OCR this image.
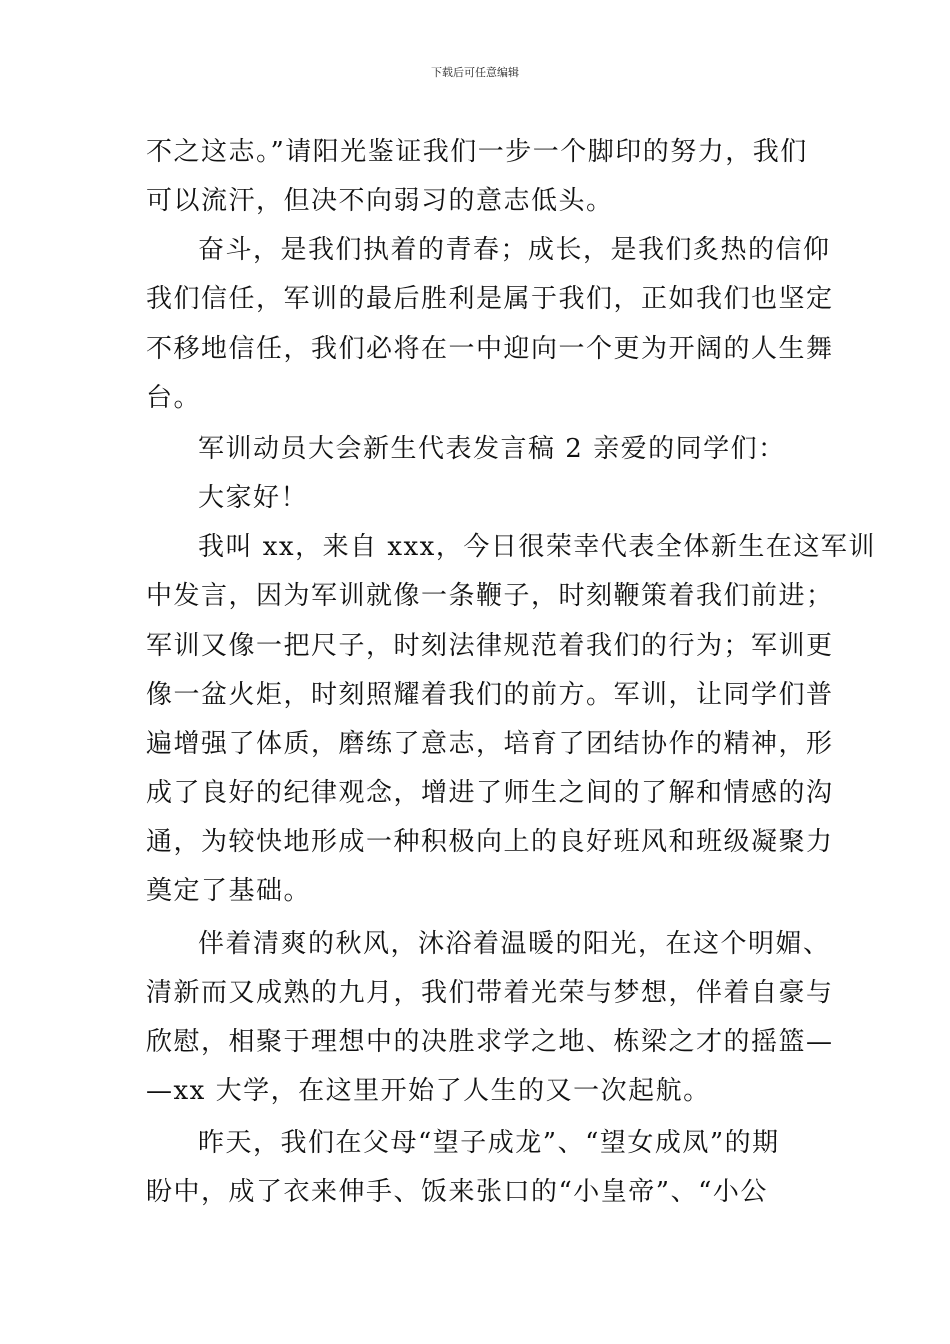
下载后可任意编辑
不之这志。”请阳光鉴证我们一步一个脚印的努力，我们
可以流汗，但决不向弱习的意志低头。
奋斗，是我们执着的青春；成长，是我们炙热的信仰
我们信任，军训的最后胜利是属于我们，正如我们也坚定
不移地信任，我们必将在一中迎向一个更为开阔的人生舞
台。
军训动员大会新生代表发言稿 2 亲爱的同学们：
大家好！
我叫 xx，来自 xxx，今日很荣幸代表全体新生在这军训
中发言，因为军训就像一条鞭子，时刻鞭策着我们前进；
军训又像一把尺子，时刻法律规范着我们的行为；军训更
像一盆火炬，时刻照耀着我们的前方。军训，让同学们普
遍增强了体质，磨练了意志，培育了团结协作的精神，形
成了良好的纪律观念，增进了师生之间的了解和情感的沟
通，为较快地形成一种积极向上的良好班风和班级凝聚力
奠定了基础。
伴着清爽的秋风，沐浴着温暖的阳光，在这个明媚、
清新而又成熟的九月，我们带着光荣与梦想，伴着自豪与
欣慰，相聚于理想中的决胜求学之地、栋梁之才的摇篮—
—xx 大学，在这里开始了人生的又一次起航。
昨天，我们在父母“望子成龙”、“望女成凤”的期
盼中，成了衣来伸手、饭来张口的“小皇帝”、“小公
